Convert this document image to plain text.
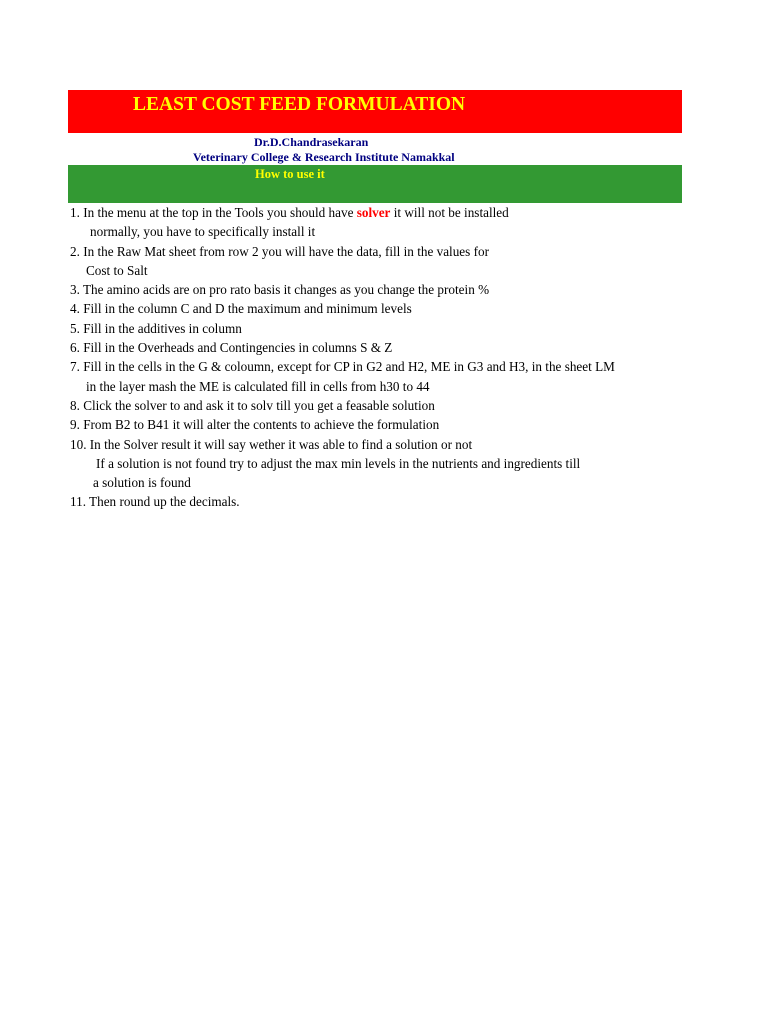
LEAST COST FEED FORMULATION
Dr.D.Chandrasekaran
Veterinary College & Research Institute Namakkal
How to use it
1. In the menu at the top in the Tools you should have solver it will not be installed
normally, you have to specifically install it
2. In the Raw Mat sheet from row 2 you will have the data, fill in the values for
Cost to Salt
3. The amino acids are on pro rato basis it changes as you change the protein %
4. Fill in the column C and D the maximum and minimum levels
5. Fill in the additives in column
6. Fill in the Overheads and Contingencies in columns S & Z
7. Fill in the cells in the G & coloumn, except for CP in G2 and H2, ME in G3 and H3, in the sheet LM
in the layer mash the ME is calculated fill in cells from h30 to 44
8. Click the solver to and ask it to solv till you get a feasable solution
9. From B2 to B41 it will alter the contents to achieve the formulation
10. In the Solver result it will say wether it was able to find a solution or not
If a solution is not found try to adjust the max min levels in the nutrients and ingredients till
a solution is found
11. Then round up the decimals.
